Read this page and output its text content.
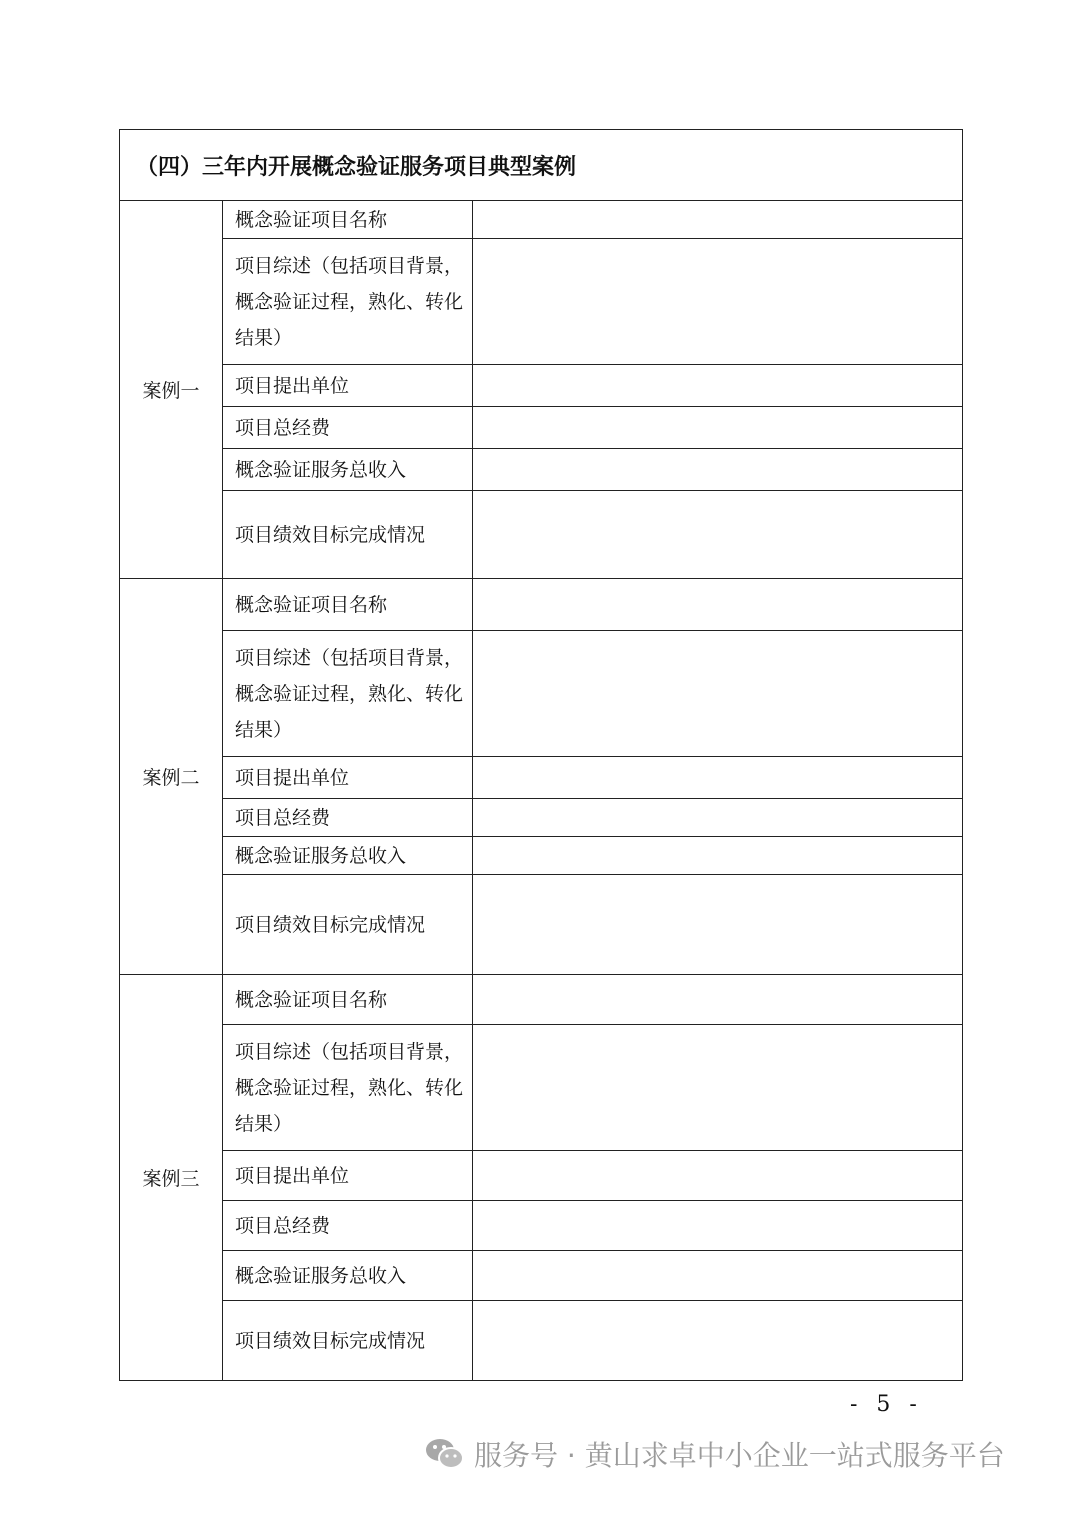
（四）三年内开展概念验证服务项目典型案例		
案例一	概念验证项目名称	
	项目综述（包括项目背景，概念验证过程，熟化、转化结果）	
	项目提出单位	
	项目总经费	
	概念验证服务总收入	
	项目绩效目标完成情况	
案例二	概念验证项目名称	
	项目综述（包括项目背景，概念验证过程，熟化、转化结果）	
	项目提出单位	
	项目总经费	
	概念验证服务总收入	
	项目绩效目标完成情况	
案例三	概念验证项目名称	
	项目综述（包括项目背景，概念验证过程，熟化、转化结果）	
	项目提出单位	
	项目总经费	
	概念验证服务总收入	
	项目绩效目标完成情况	
- 5 -
服务号 · 黄山求卓中小企业一站式服务平台
